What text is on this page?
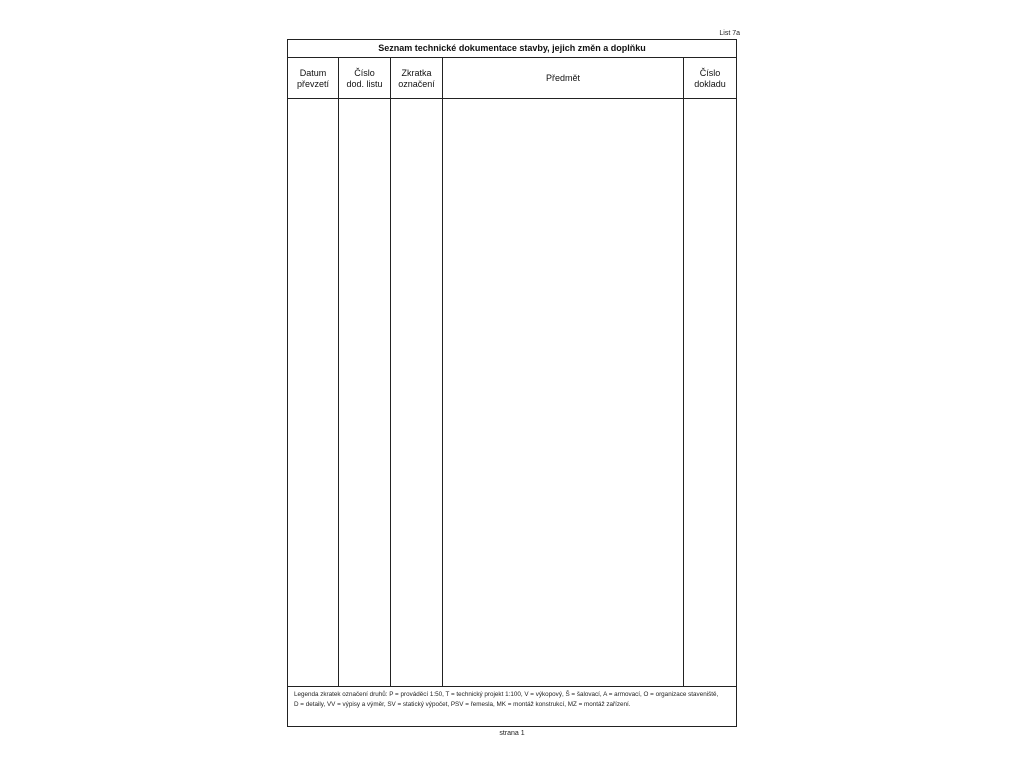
List 7a
Seznam technické dokumentace stavby, jejich změn a doplňku
Datum
převzetí
Číslo
dod. listu
Zkratka
označení
Předmět
Číslo
dokladu
Legenda zkratek označení druhů: P = prováděcí 1:50, T = technický projekt 1:100, V = výkopový, Š = šalovací, A = armovací, O = organizace staveniště,
D = detaily, VV = výpisy a výměr, SV = statický výpočet, PSV = řemesla, MK = montáž konstrukcí, MZ = montáž zařízení.
strana 1
